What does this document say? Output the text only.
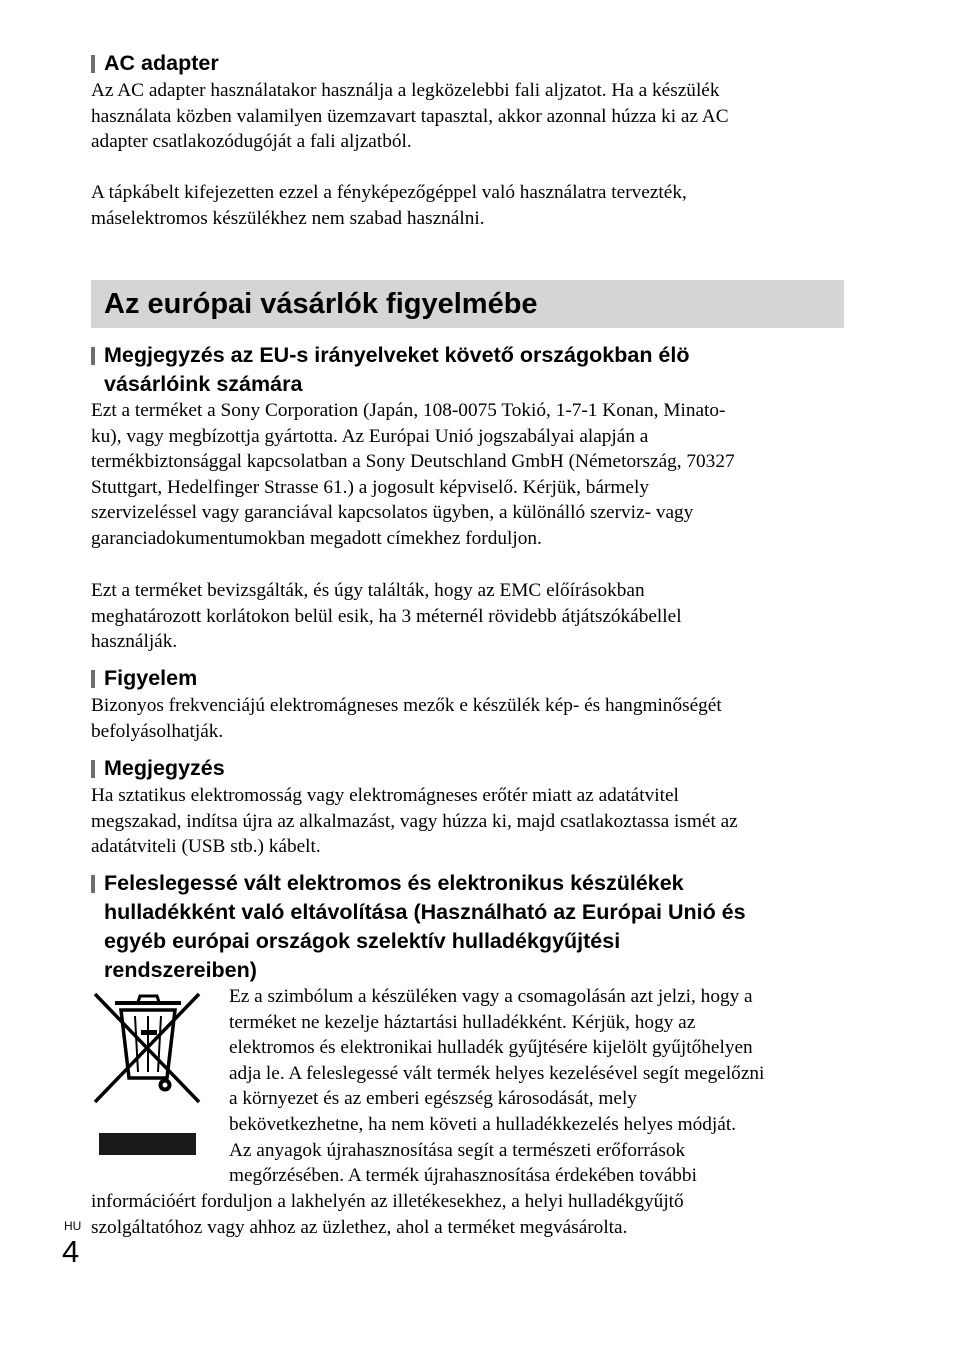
AC adapter
Az AC adapter használatakor használja a legközelebbi fali aljzatot. Ha a készülék
használata közben valamilyen üzemzavart tapasztal, akkor azonnal húzza ki az AC
adapter csatlakozódugóját a fali aljzatból.
A tápkábelt kifejezetten ezzel a fényképezőgéppel való használatra tervezték,
máselektromos készülékhez nem szabad használni.
Az európai vásárlók figyelmébe
Megjegyzés az EU-s irányelveket követő országokban élö
vásárlóink számára
Ezt a terméket a Sony Corporation (Japán, 108-0075 Tokió, 1-7-1 Konan, Minato-
ku), vagy megbízottja gyártotta. Az Európai Unió jogszabályai alapján a
termékbiztonsággal kapcsolatban a Sony Deutschland GmbH (Németország, 70327
Stuttgart, Hedelfinger Strasse 61.) a jogosult képviselő. Kérjük, bármely
szervizeléssel vagy garanciával kapcsolatos ügyben, a különálló szerviz- vagy
garanciadokumentumokban megadott címekhez forduljon.
Ezt a terméket bevizsgálták, és úgy találták, hogy az EMC előírásokban
meghatározott korlátokon belül esik, ha 3 méternél rövidebb átjátszókábellel
használják.
Figyelem
Bizonyos frekvenciájú elektromágneses mezők e készülék kép- és hangminőségét
befolyásolhatják.
Megjegyzés
Ha sztatikus elektromosság vagy elektromágneses erőtér miatt az adatátvitel
megszakad, indítsa újra az alkalmazást, vagy húzza ki, majd csatlakoztassa ismét az
adatátviteli (USB stb.) kábelt.
Feleslegessé vált elektromos és elektronikus készülékek
hulladékként való eltávolítása (Használható az Európai Unió és
egyéb európai országok szelektív hulladékgyűjtési
rendszereiben)
Ez a szimbólum a készüléken vagy a csomagolásán azt jelzi, hogy a
terméket ne kezelje háztartási hulladékként. Kérjük, hogy az
elektromos és elektronikai hulladék gyűjtésére kijelölt gyűjtőhelyen
adja le. A feleslegessé vált termék helyes kezelésével segít megelőzni
a környezet és az emberi egészség károsodását, mely
bekövetkezhetne, ha nem követi a hulladékkezelés helyes módját.
Az anyagok újrahasznosítása segít a természeti erőforrások
megőrzésében. A termék újrahasznosítása érdekében további
információért forduljon a lakhelyén az illetékesekhez, a helyi hulladékgyűjtő
szolgáltatóhoz vagy ahhoz az üzlethez, ahol a terméket megvásárolta.
HU
4
